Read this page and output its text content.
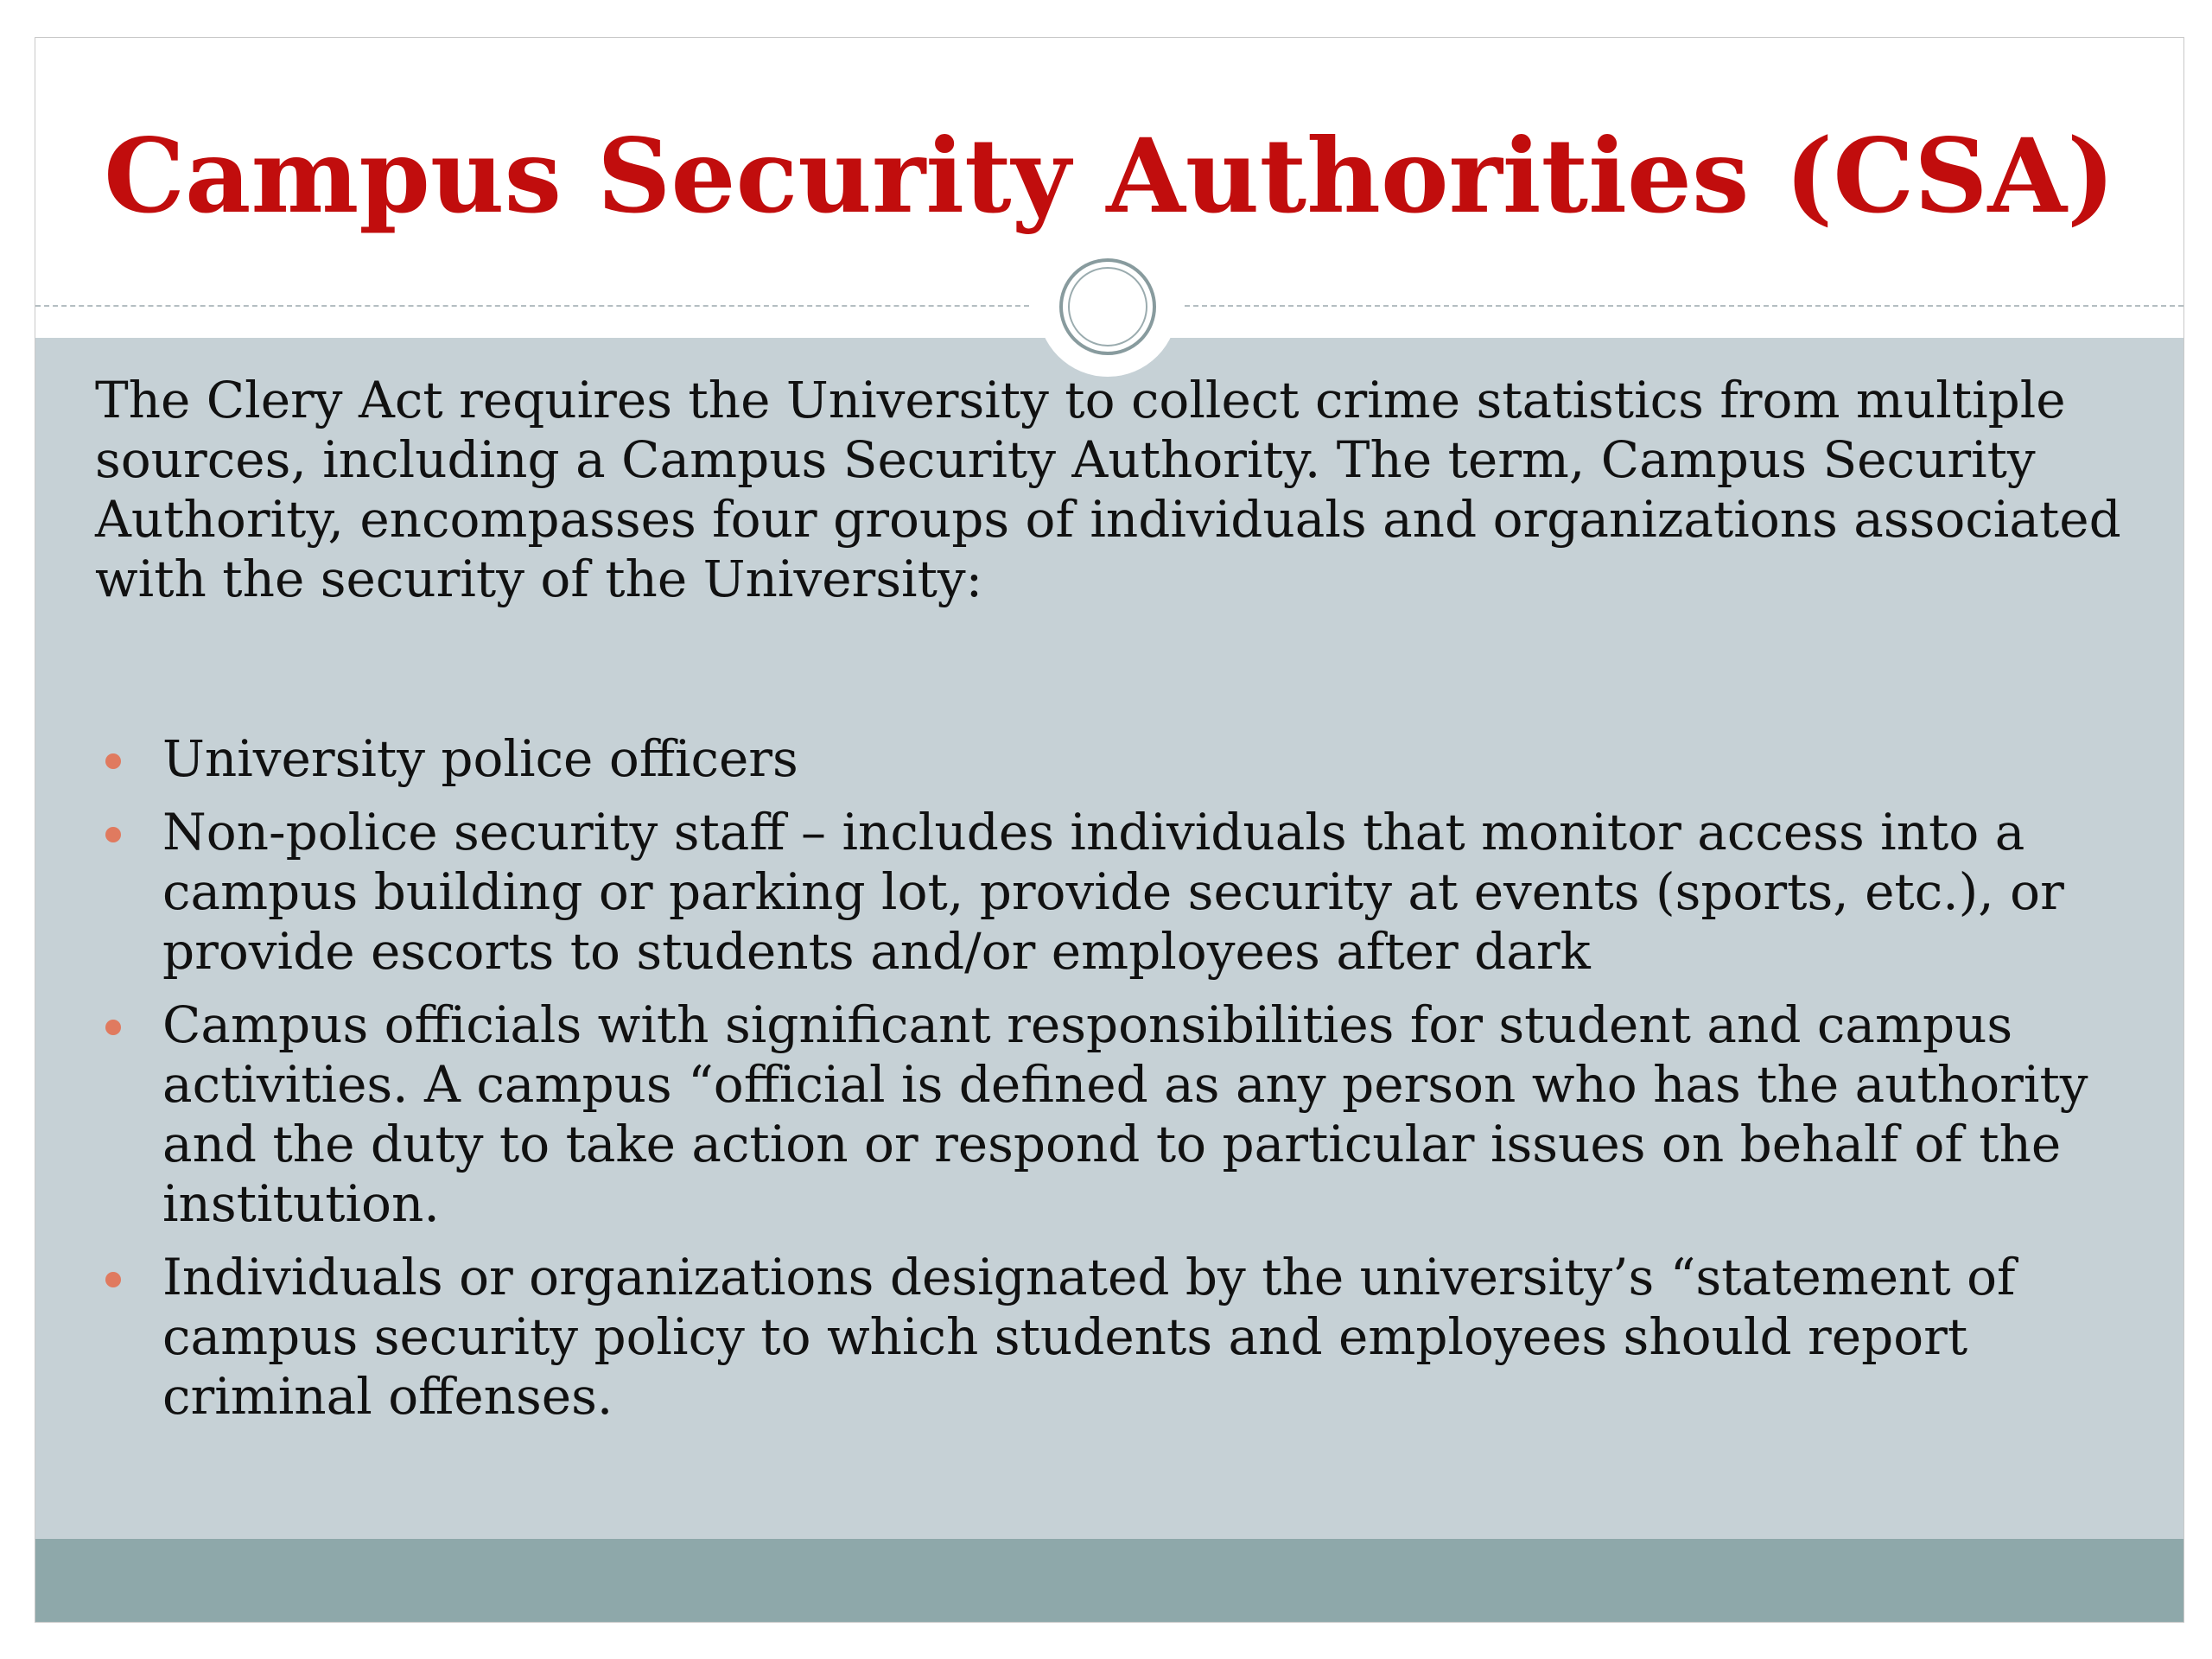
Campus Security Authorities (CSA)

The Clery Act requires the University to collect crime statistics from multiple sources, including a Campus Security Authority. The term, Campus Security Authority, encompasses four groups of individuals and organizations associated with the security of the University:

University police officers
Non-police security staff – includes individuals that monitor access into a campus building or parking lot, provide security at events (sports, etc.), or provide escorts to students and/or employees after dark
Campus officials with significant responsibilities for student and campus activities. A campus “official is defined as any person who has the authority and the duty to take action or respond to particular issues on behalf of the institution.
Individuals or organizations designated by the university’s “statement of campus security policy to which students and employees should report criminal offenses.
